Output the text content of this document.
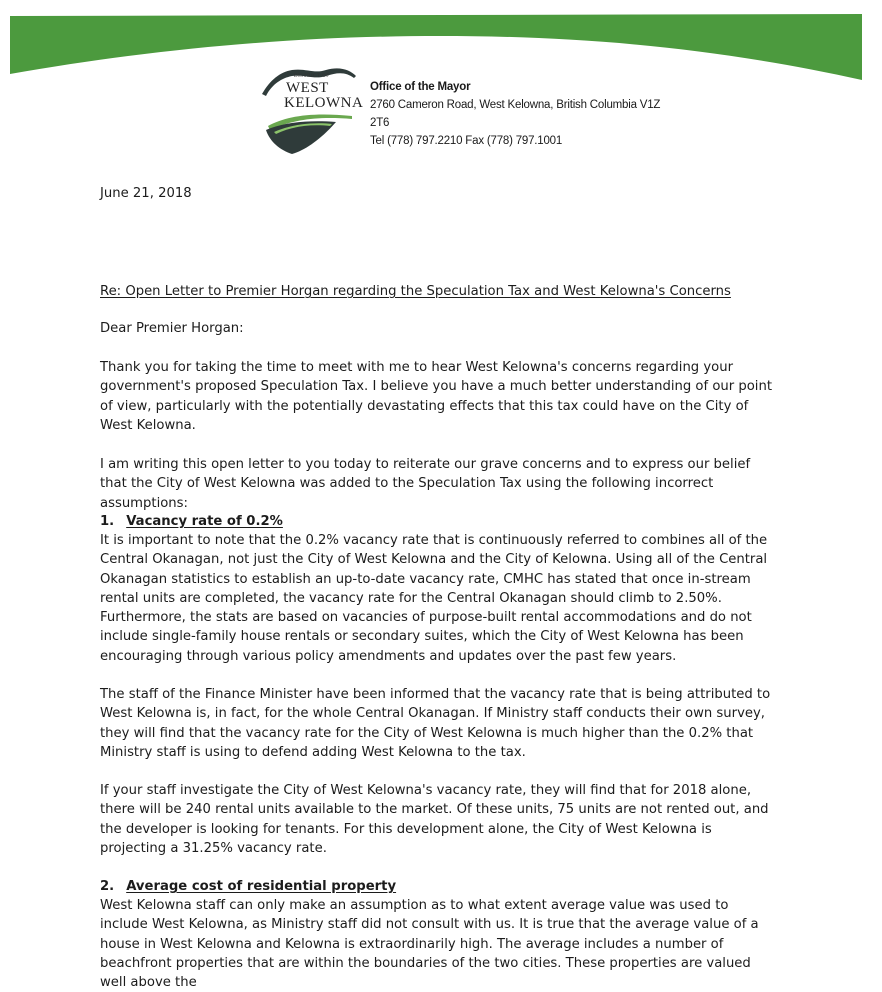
DISTRICT OF
WEST
KELOWNA
Office of the Mayor
2760 Cameron Road, West Kelowna, British Columbia V1Z 2T6
Tel (778) 797.2210 Fax (778) 797.1001
June 21, 2018
Re: Open Letter to Premier Horgan regarding the Speculation Tax and West Kelowna's Concerns
Dear Premier Horgan:

Thank you for taking the time to meet with me to hear West Kelowna's concerns regarding your government's proposed Speculation Tax. I believe you have a much better understanding of our point of view, particularly with the potentially devastating effects that this tax could have on the City of West Kelowna.

I am writing this open letter to you today to reiterate our grave concerns and to express our belief that the City of West Kelowna was added to the Speculation Tax using the following incorrect assumptions:

1. Vacancy rate of 0.2%

It is important to note that the 0.2% vacancy rate that is continuously referred to combines all of the Central Okanagan, not just the City of West Kelowna and the City of Kelowna. Using all of the Central Okanagan statistics to establish an up-to-date vacancy rate, CMHC has stated that once in-stream rental units are completed, the vacancy rate for the Central Okanagan should climb to 2.50%. Furthermore, the stats are based on vacancies of purpose-built rental accommodations and do not include single-family house rentals or secondary suites, which the City of West Kelowna has been encouraging through various policy amendments and updates over the past few years.

The staff of the Finance Minister have been informed that the vacancy rate that is being attributed to West Kelowna is, in fact, for the whole Central Okanagan. If Ministry staff conducts their own survey, they will find that the vacancy rate for the City of West Kelowna is much higher than the 0.2% that Ministry staff is using to defend adding West Kelowna to the tax.

If your staff investigate the City of West Kelowna's vacancy rate, they will find that for 2018 alone, there will be 240 rental units available to the market. Of these units, 75 units are not rented out, and the developer is looking for tenants. For this development alone, the City of West Kelowna is projecting a 31.25% vacancy rate.

2. Average cost of residential property

West Kelowna staff can only make an assumption as to what extent average value was used to include West Kelowna, as Ministry staff did not consult with us. It is true that the average value of a house in West Kelowna and Kelowna is extraordinarily high. The average includes a number of beachfront properties that are within the boundaries of the two cities. These properties are valued well above the
